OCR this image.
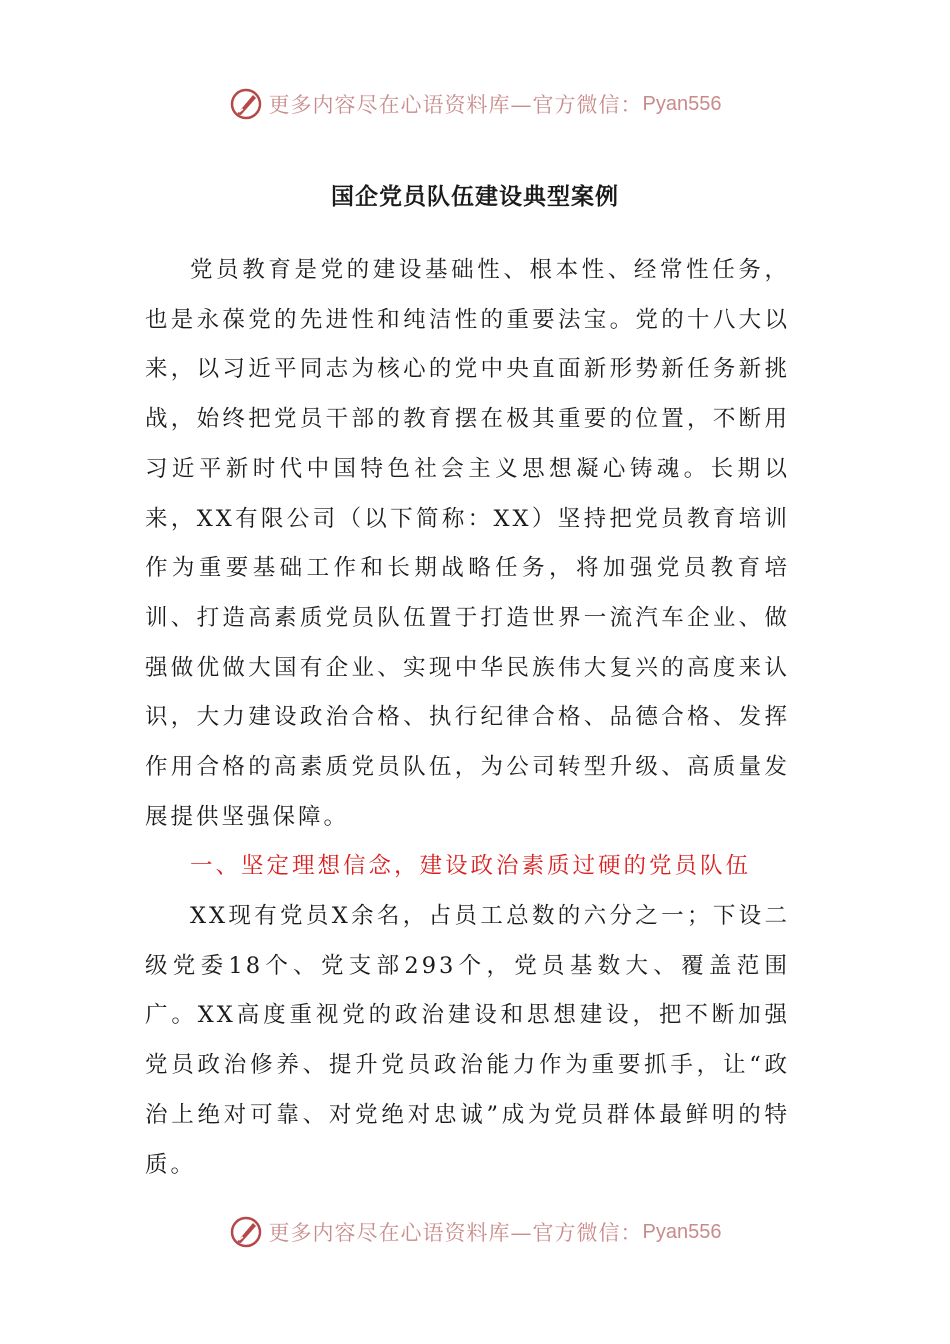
更多内容尽在心语资料库—官方微信： Pyan556
国企党员队伍建设典型案例

党员教育是党的建设基础性、根本性、经常性任务，也是永葆党的先进性和纯洁性的重要法宝。党的十八大以来，以习近平同志为核心的党中央直面新形势新任务新挑战，始终把党员干部的教育摆在极其重要的位置，不断用习近平新时代中国特色社会主义思想凝心铸魂。长期以来，XX有限公司（以下简称：XX）坚持把党员教育培训作为重要基础工作和长期战略任务，将加强党员教育培训、打造高素质党员队伍置于打造世界一流汽车企业、做强做优做大国有企业、实现中华民族伟大复兴的高度来认识，大力建设政治合格、执行纪律合格、品德合格、发挥作用合格的高素质党员队伍，为公司转型升级、高质量发展提供坚强保障。

一、坚定理想信念，建设政治素质过硬的党员队伍

XX现有党员X余名，占员工总数的六分之一；下设二级党委18个、党支部293个，党员基数大、覆盖范围广。XX高度重视党的政治建设和思想建设，把不断加强党员政治修养、提升党员政治能力作为重要抓手，让“政治上绝对可靠、对党绝对忠诚”成为党员群体最鲜明的特质。

更多内容尽在心语资料库—官方微信： Pyan556
